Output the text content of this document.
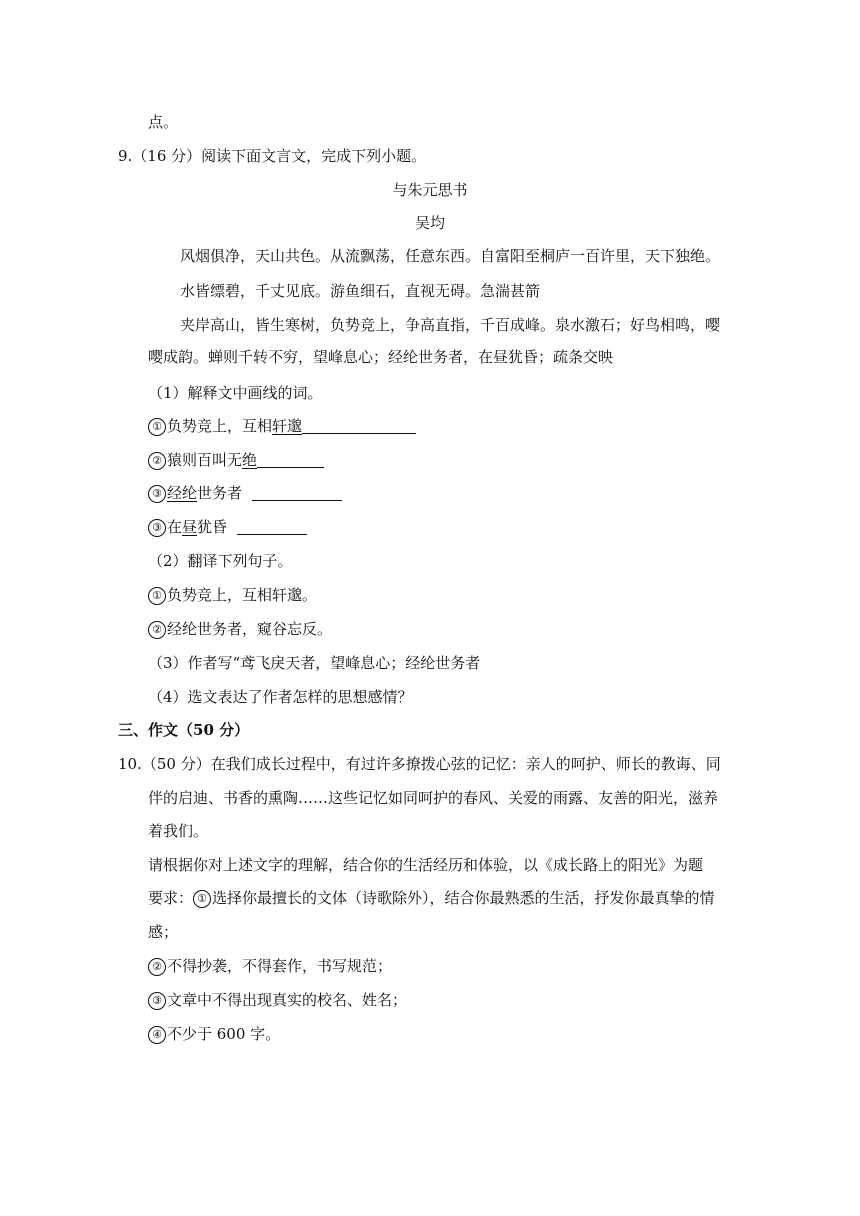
点。
9.（16 分）阅读下面文言文，完成下列小题。
与朱元思书
吴均
风烟俱净，天山共色。从流飘荡，任意东西。自富阳至桐庐一百许里，天下独绝。
水皆缥碧，千丈见底。游鱼细石，直视无碍。急湍甚箭
夹岸高山，皆生寒树，负势竞上，争高直指，千百成峰。泉水激石；好鸟相鸣，嘤
嘤成韵。蝉则千转不穷，望峰息心；经纶世务者，在昼犹昏；疏条交映
（1）解释文中画线的词。
① 负势竞上，互相轩邈
② 猿则百叫无绝
③ 经纶世务者
③ 在昼犹昏
（2）翻译下列句子。
① 负势竞上，互相轩邈。
② 经纶世务者，窥谷忘反。
（3）作者写“鸢飞戾天者，望峰息心；经纶世务者
（4）选文表达了作者怎样的思想感情？
三、作文（50 分）
10.（50 分）在我们成长过程中，有过许多撩拨心弦的记忆：亲人的呵护、师长的教诲、同
伴的启迪、书香的熏陶……这些记忆如同呵护的春风、关爱的雨露、友善的阳光，滋养
着我们。
请根据你对上述文字的理解，结合你的生活经历和体验，以《成长路上的阳光》为题
要求： ① 选择你最擅长的文体（诗歌除外），结合你最熟悉的生活，抒发你最真挚的情
感；
② 不得抄袭，不得套作，书写规范；
③ 文章中不得出现真实的校名、姓名；
④ 不少于 600 字。
